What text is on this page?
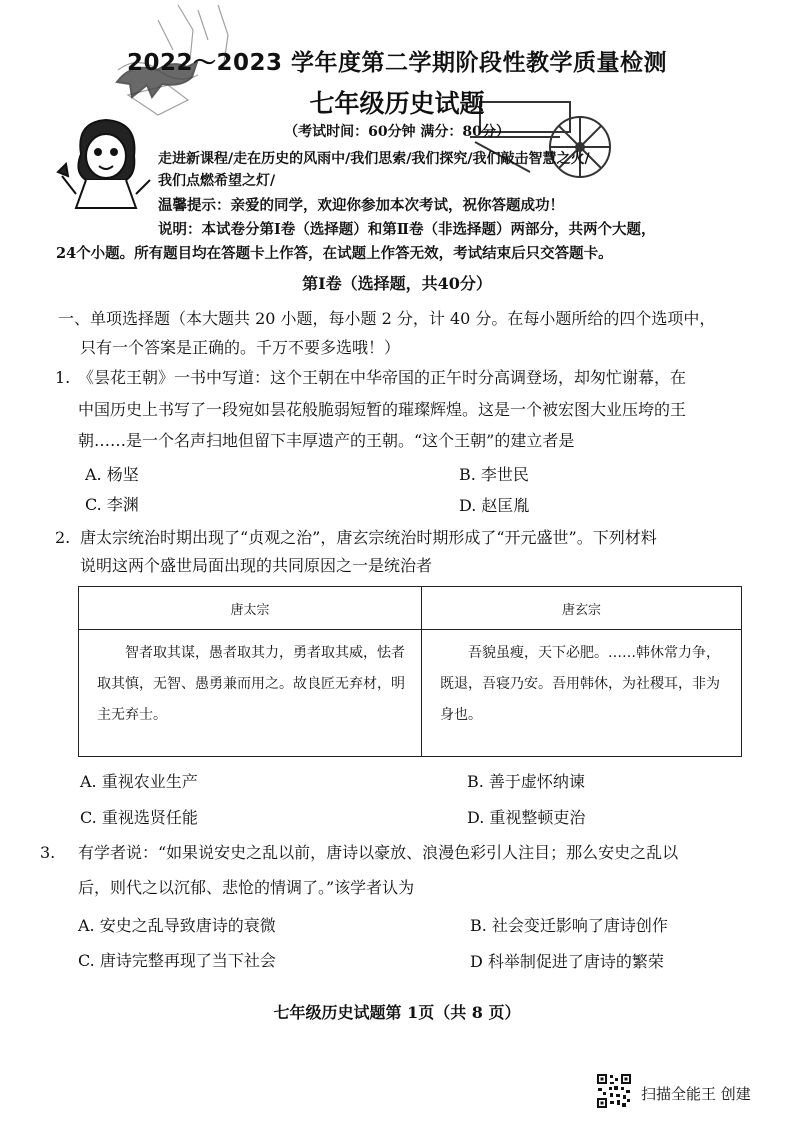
2022～2023 学年度第二学期阶段性教学质量检测
七年级历史试题
（考试时间：60分钟 满分：80分）
走进新课程/走在历史的风雨中/我们思索/我们探究/我们敲击智慧之火/
我们点燃希望之灯/
温馨提示：亲爱的同学，欢迎你参加本次考试，祝你答题成功！
说明：本试卷分第Ⅰ卷（选择题）和第Ⅱ卷（非选择题）两部分，共两个大题，
24个小题。所有题目均在答题卡上作答，在试题上作答无效，考试结束后只交答题卡。
第Ⅰ卷（选择题，共40分）
一、单项选择题（本大题共 20 小题，每小题 2 分，计 40 分。在每小题所给的四个选项中，
只有一个答案是正确的。千万不要多选哦！）
1. 《昙花王朝》一书中写道：这个王朝在中华帝国的正午时分高调登场，却匆忙谢幕，在
中国历史上书写了一段宛如昙花般脆弱短暂的璀璨辉煌。这是一个被宏图大业压垮的王
朝……是一个名声扫地但留下丰厚遗产的王朝。“这个王朝”的建立者是
A. 杨坚	B. 李世民
C. 李渊	D. 赵匡胤
2. 唐太宗统治时期出现了“贞观之治”，唐玄宗统治时期形成了“开元盛世”。下列材料
说明这两个盛世局面出现的共同原因之一是统治者
唐太宗	唐玄宗
智者取其谋，愚者取其力，勇者取其威，怯者取其慎，无智、愚勇兼而用之。故良匠无弃材，明主无弃士。	吾貌虽瘦，天下必肥。……韩休常力争，既退，吾寝乃安。吾用韩休，为社稷耳，非为身也。
A. 重视农业生产	B. 善于虚怀纳谏
C. 重视选贤任能	D. 重视整顿吏治
3. 有学者说：“如果说安史之乱以前，唐诗以豪放、浪漫色彩引人注目；那么安史之乱以
后，则代之以沉郁、悲怆的情调了。”该学者认为
A. 安史之乱导致唐诗的衰微	B. 社会变迁影响了唐诗创作
C. 唐诗完整再现了当下社会	D 科举制促进了唐诗的繁荣
七年级历史试题第 1页（共 8 页）
扫描全能王 创建
